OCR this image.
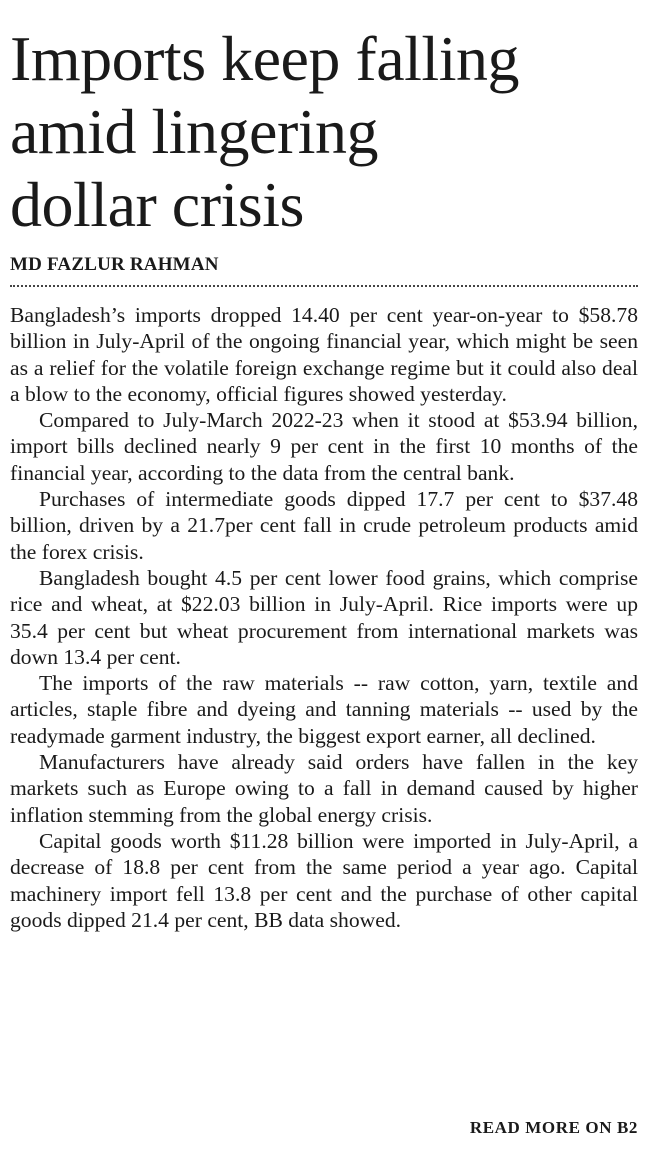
Imports keep falling
amid lingering
dollar crisis
MD FAZLUR RAHMAN

Bangladesh’s imports dropped 14.40 per cent year-on-year to $58.78 billion in July-April of the ongoing financial year, which might be seen as a relief for the volatile foreign exchange regime but it could also deal a blow to the economy, official figures showed yesterday.

Compared to July-March 2022-23 when it stood at $53.94 billion, import bills declined nearly 9 per cent in the first 10 months of the financial year, according to the data from the central bank.

Purchases of intermediate goods dipped 17.7 per cent to $37.48 billion, driven by a 21.7per cent fall in crude petroleum products amid the forex crisis.

Bangladesh bought 4.5 per cent lower food grains, which comprise rice and wheat, at $22.03 billion in July-April. Rice imports were up 35.4 per cent but wheat procurement from international markets was down 13.4 per cent.

The imports of the raw materials -- raw cotton, yarn, textile and articles, staple fibre and dyeing and tanning materials -- used by the readymade garment industry, the biggest export earner, all declined.

Manufacturers have already said orders have fallen in the key markets such as Europe owing to a fall in demand caused by higher inflation stemming from the global energy crisis.

Capital goods worth $11.28 billion were imported in July-April, a decrease of 18.8 per cent from the same period a year ago. Capital machinery import fell 13.8 per cent and the purchase of other capital goods dipped 21.4 per cent, BB data showed.

READ MORE ON B2
